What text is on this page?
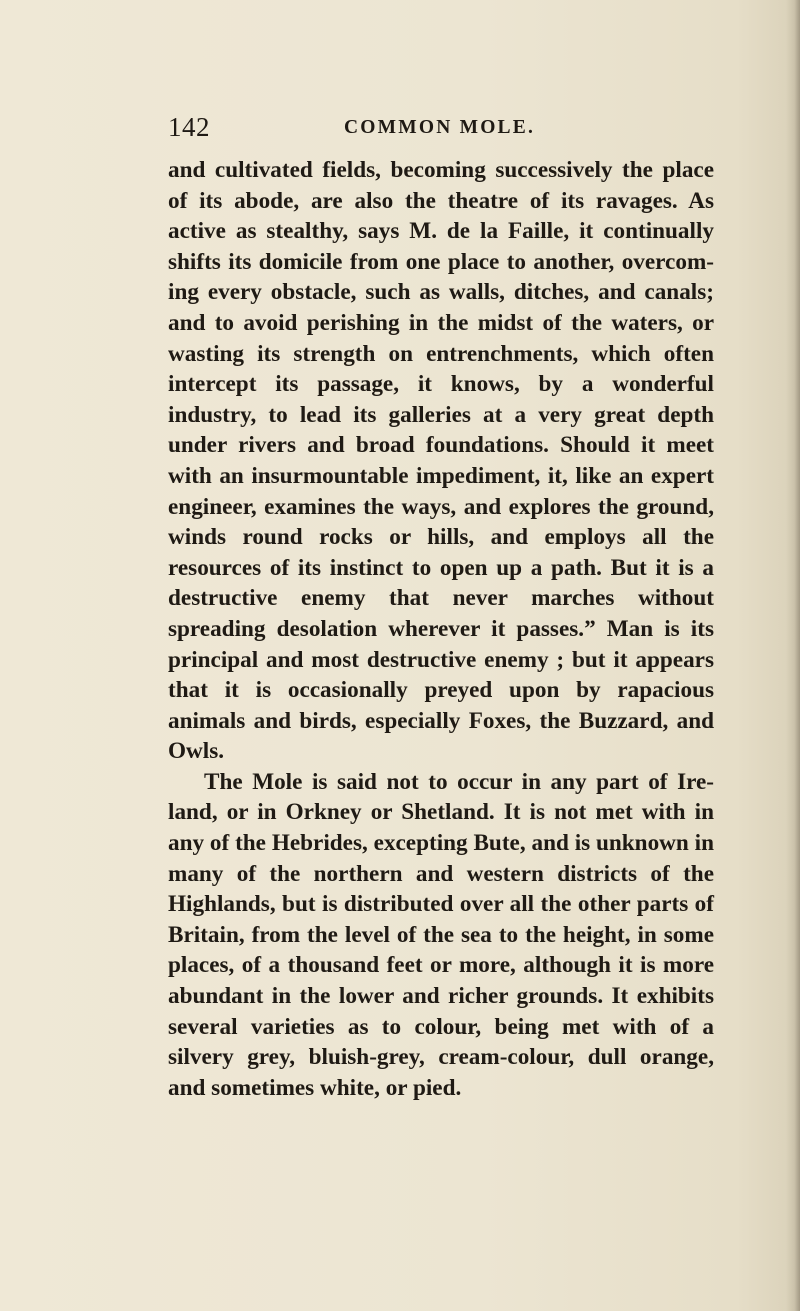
142	COMMON MOLE.

and cultivated fields, becoming successively the place of its abode, are also the theatre of its ravages. As active as stealthy, says M. de la Faille, it continually shifts its domicile from one place to another, overcoming every obstacle, such as walls, ditches, and canals; and to avoid perishing in the midst of the waters, or wasting its strength on entrenchments, which often intercept its passage, it knows, by a wonderful industry, to lead its galleries at a very great depth under rivers and broad foundations. Should it meet with an insurmountable impediment, it, like an expert engineer, examines the ways, and explores the ground, winds round rocks or hills, and employs all the resources of its instinct to open up a path. But it is a destructive enemy that never marches without spreading desolation wherever it passes.” Man is its principal and most destructive enemy ; but it appears that it is occasionally preyed upon by rapacious animals and birds, especially Foxes, the Buzzard, and Owls.

The Mole is said not to occur in any part of Ireland, or in Orkney or Shetland. It is not met with in any of the Hebrides, excepting Bute, and is unknown in many of the northern and western districts of the Highlands, but is distributed over all the other parts of Britain, from the level of the sea to the height, in some places, of a thousand feet or more, although it is more abundant in the lower and richer grounds. It exhibits several varieties as to colour, being met with of a silvery grey, bluish-grey, cream-colour, dull orange, and sometimes white, or pied.
